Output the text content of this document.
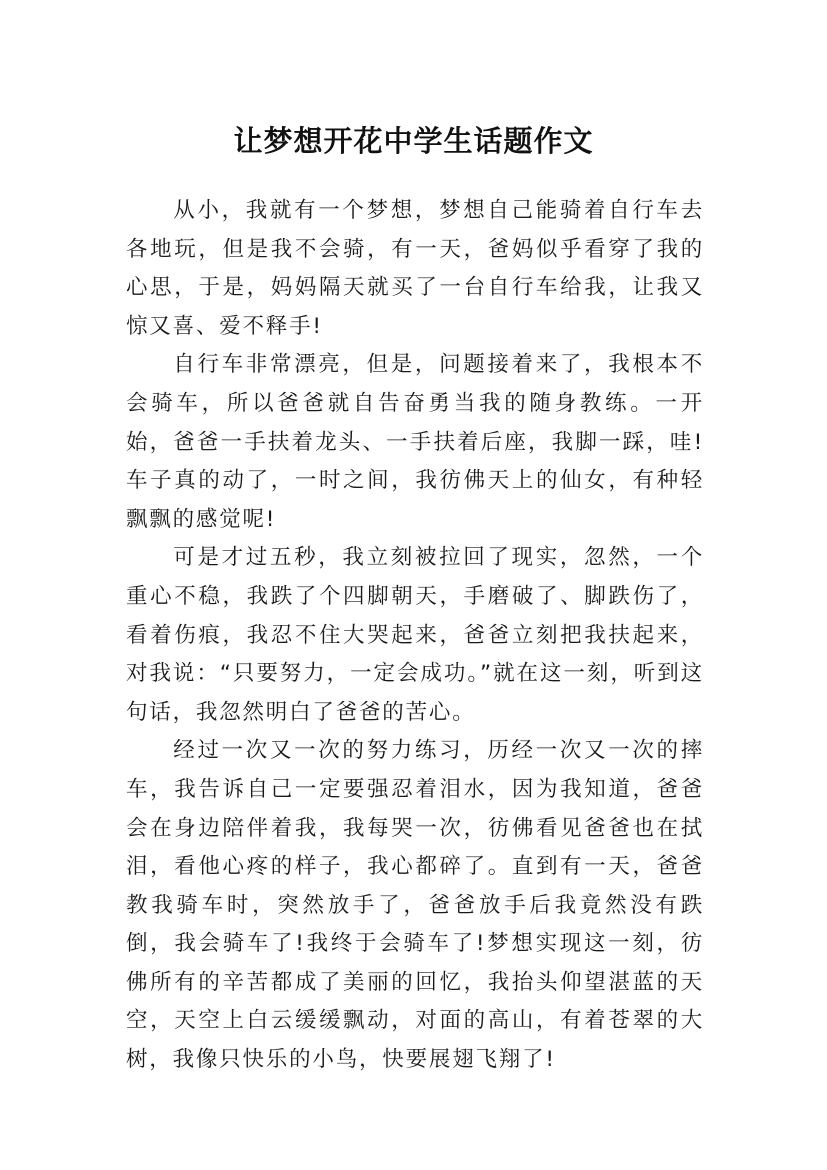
让梦想开花中学生话题作文

从小，我就有一个梦想，梦想自己能骑着自行车去各地玩，但是我不会骑，有一天，爸妈似乎看穿了我的心思，于是，妈妈隔天就买了一台自行车给我，让我又惊又喜、爱不释手!

自行车非常漂亮，但是，问题接着来了，我根本不会骑车，所以爸爸就自告奋勇当我的随身教练。一开始，爸爸一手扶着龙头、一手扶着后座，我脚一踩，哇!车子真的动了，一时之间，我彷佛天上的仙女，有种轻飘飘的感觉呢!

可是才过五秒，我立刻被拉回了现实，忽然，一个重心不稳，我跌了个四脚朝天，手磨破了、脚跌伤了，看着伤痕，我忍不住大哭起来，爸爸立刻把我扶起来，对我说：“只要努力，一定会成功。”就在这一刻，听到这句话，我忽然明白了爸爸的苦心。

经过一次又一次的努力练习，历经一次又一次的摔车，我告诉自己一定要强忍着泪水，因为我知道，爸爸会在身边陪伴着我，我每哭一次，彷佛看见爸爸也在拭泪，看他心疼的样子，我心都碎了。直到有一天，爸爸教我骑车时，突然放手了，爸爸放手后我竟然没有跌倒，我会骑车了!我终于会骑车了!梦想实现这一刻，彷佛所有的辛苦都成了美丽的回忆，我抬头仰望湛蓝的天空，天空上白云缓缓飘动，对面的高山，有着苍翠的大树，我像只快乐的小鸟，快要展翅飞翔了!
